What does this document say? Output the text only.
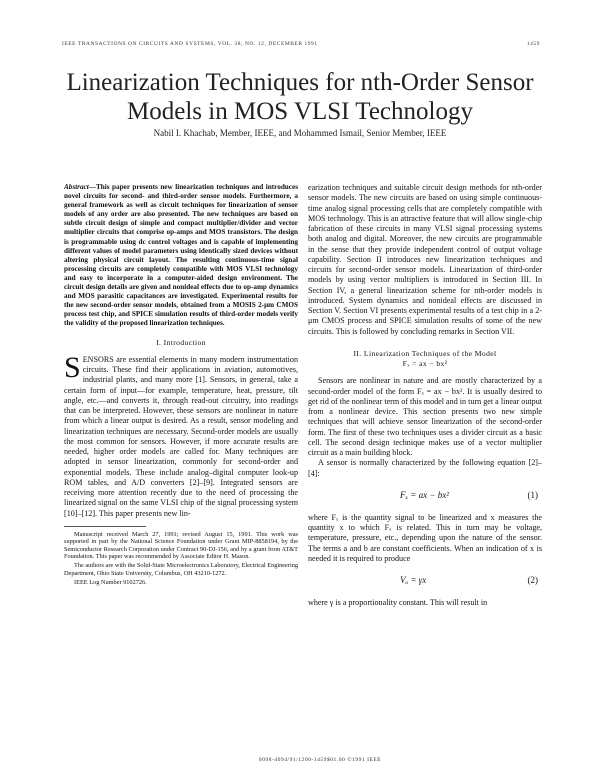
IEEE TRANSACTIONS ON CIRCUITS AND SYSTEMS, VOL. 38, NO. 12, DECEMBER 1991	1459
Linearization Techniques for nth-Order Sensor Models in MOS VLSI Technology
Nabil I. Khachab, Member, IEEE, and Mohammed Ismail, Senior Member, IEEE

Abstract—This paper presents new linearization techniques and introduces novel circuits for second- and third-order sensor models. Furthermore, a general framework as well as circuit techniques for linearization of sensor models of any order are also presented. The new techniques are based on subtle circuit design of simple and compact multiplier/divider and vector multiplier circuits that comprise op-amps and MOS transistors. The design is programmable using dc control voltages and is capable of implementing different values of model parameters using identically sized devices without altering physical circuit layout. The resulting continuous-time signal processing circuits are completely compatible with MOS VLSI technology and easy to incorporate in a computer-aided design environment. The circuit design details are given and nonideal effects due to op-amp dynamics and MOS parasitic capacitances are investigated. Experimental results for the new second-order sensor models, obtained from a MOSIS 2-μm CMOS process test chip, and SPICE simulation results of third-order models verify the validity of the proposed linearization techniques.

I. Introduction

SENSORS are essential elements in many modern instrumentation circuits. These find their applications in aviation, automotives, industrial plants, and many more [1]. Sensors, in general, take a certain form of input—for example, temperature, heat, pressure, tilt angle, etc.—and converts it, through read-out circuitry, into readings that can be interpreted. However, these sensors are nonlinear in nature from which a linear output is desired. As a result, sensor modeling and linearization techniques are necessary. Second-order models are usually the most common for sensors. However, if more accurate results are needed, higher order models are called for. Many techniques are adopted in sensor linearization, commonly for second-order and exponential models. These include analog–digital computer look-up ROM tables, and A/D converters [2]–[9]. Integrated sensors are receiving more attention recently due to the need of processing the linearized signal on the same VLSI chip of the signal processing system [10]–[12]. This paper presents new lin-

Manuscript received March 27, 1991; revised August 15, 1991. This work was supported in part by the National Science Foundation under Grant MIP-8858194, by the Semiconductor Research Corporation under Contract 90-DJ-156, and by a grant from AT&T Foundation. This paper was recommended by Associate Editor H. Mason.

The authors are with the Solid-State Microelectronics Laboratory, Electrical Engineering Department, Ohio State University, Columbus, OH 43210-1272.

IEEE Log Number 9102726.

earization techniques and suitable circuit design methods for nth-order sensor models. The new circuits are based on using simple continuous-time analog signal processing cells that are completely compatible with MOS technology. This is an attractive feature that will allow single-chip fabrication of these circuits in many VLSI signal processing systems both analog and digital. Moreover, the new circuits are programmable in the sense that they provide independent control of output voltage capability. Section II introduces new linearization techniques and circuits for second-order sensor models. Linearization of third-order models by using vector multipliers is introduced in Section III. In Section IV, a general linearization scheme for nth-order models is introduced. System dynamics and nonideal effects are discussed in Section V. Section VI presents experimental results of a test chip in a 2-μm CMOS process and SPICE simulation results of some of the new circuits. This is followed by concluding remarks in Section VII.

II. Linearization Techniques of the Model
Fₓ = ax − bx²

Sensors are nonlinear in nature and are mostly characterized by a second-order model of the form Fₓ = ax − bx². It is usually desired to get rid of the nonlinear term of this model and in turn get a linear output from a nonlinear device. This section presents two new simple techniques that will achieve sensor linearization of the second-order form. The first of these two techniques uses a divider circuit as a basic cell. The second design technique makes use of a vector multiplier circuit as a main building block.

A sensor is normally characterized by the following equation [2]–[4]:

Fₓ = ax − bx²	(1)

where Fₓ is the quantity signal to be linearized and x measures the quantity x to which Fₓ is related. This in turn may be voltage, temperature, pressure, etc., depending upon the nature of the sensor. The terms a and b are constant coefficients. When an indication of x is needed it is required to produce

Vₒ = γx	(2)

where γ is a proportionality constant. This will result in

0098-4094/91/1200-1459$01.00 ©1991 IEEE
